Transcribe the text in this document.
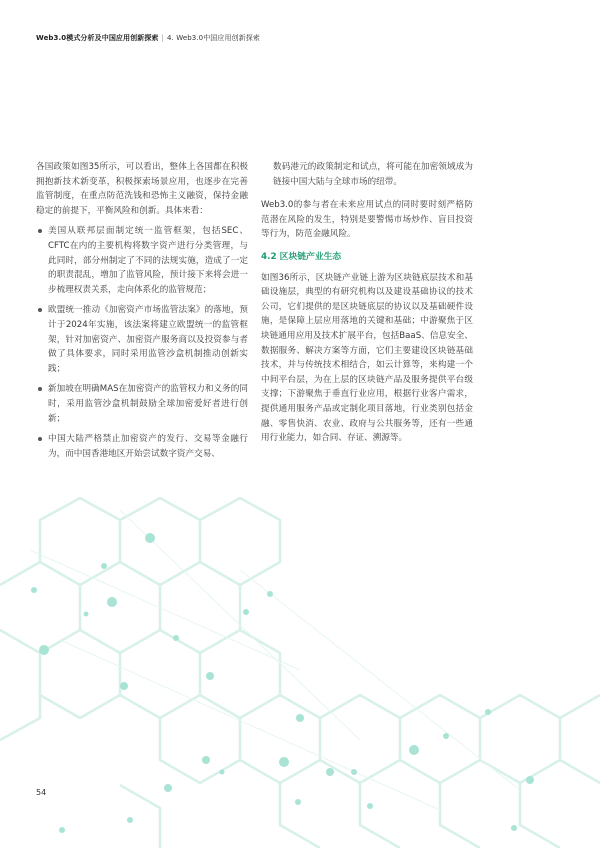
Web3.0模式分析及中国应用创新探索 | 4. Web3.0中国应用创新探索

各国政策如图35所示，可以看出，整体上各国都在积极拥抱新技术新变革，积极探索场景应用，也逐步在完善监管制度，在重点防范洗钱和恐怖主义融资，保持金融稳定的前提下，平衡风险和创新。具体来看：

美国从联邦层面制定统一监管框架，包括SEC、CFTC在内的主要机构将数字资产进行分类管理，与此同时，部分州制定了不同的法规实施，造成了一定的职责混乱，增加了监管风险，预计接下来将会进一步梳理权责关系，走向体系化的监管规范；
欧盟统一推动《加密资产市场监管法案》的落地，预计于2024年实施，该法案将建立欧盟统一的监管框架，针对加密资产、加密资产服务商以及投资参与者做了具体要求，同时采用监管沙盒机制推动创新实践；
新加坡在明确MAS在加密资产的监管权力和义务的同时，采用监管沙盒机制鼓励全球加密爱好者进行创新；
中国大陆严格禁止加密资产的发行、交易等金融行为，而中国香港地区开始尝试数字资产交易、
数码港元的政策制定和试点，将可能在加密领域成为链接中国大陆与全球市场的纽带。

Web3.0的参与者在未来应用试点的同时要时刻严格防范潜在风险的发生，特别是要警惕市场炒作、盲目投资等行为，防范金融风险。

4.2 区块链产业生态

如图36所示，区块链产业链上游为区块链底层技术和基础设施层，典型的有研究机构以及建设基础协议的技术公司，它们提供的是区块链底层的协议以及基础硬件设施，是保障上层应用落地的关键和基础；中游聚焦于区块链通用应用及技术扩展平台，包括BaaS、信息安全、数据服务、解决方案等方面，它们主要建设区块链基础技术，并与传统技术相结合，如云计算等，来构建一个中间平台层，为在上层的区块链产品及服务提供平台级支撑；下游聚焦于垂直行业应用，根据行业客户需求，提供通用服务产品或定制化项目落地，行业类别包括金融、零售快消、农业、政府与公共服务等，还有一些通用行业能力，如合同、存证、溯源等。

54
